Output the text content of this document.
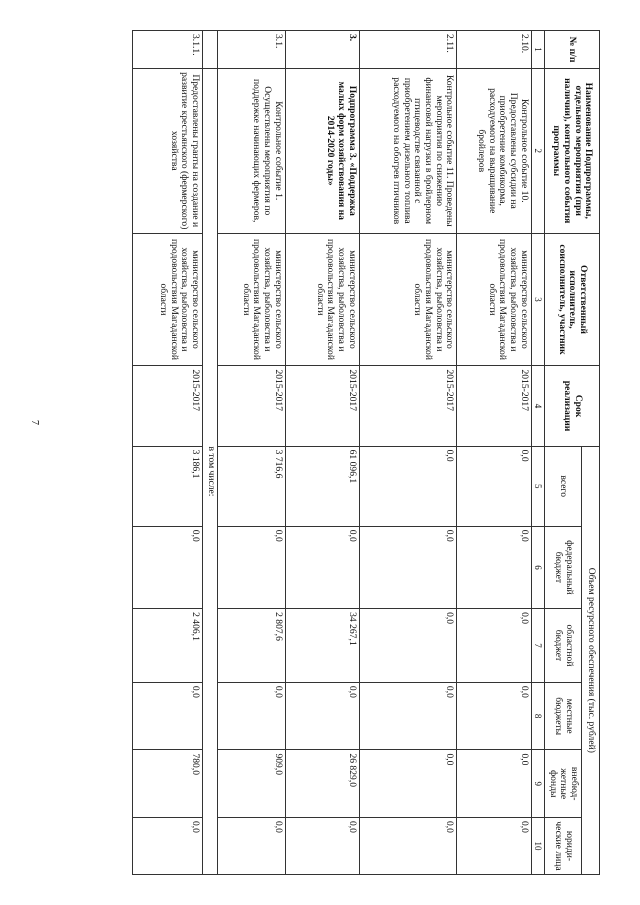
7
№ п/п	Наименование Подпрограммы, отдельного мероприятия (при наличии), контрольного события программы	Ответственный исполнитель, соисполнитель, участник	Срок реализации	Объем ресурсного обеспечения (тыс. рублей)					
				всего	федеральный бюджет	областной бюджет	местные бюджеты	внебюд-жетные фонды	юриди-ческие лица
1	2	3	4	5	6	7	8	9	10
2.10.	Контрольное событие 10. Предоставлены субсидии на приобретение комбикорма, расходуемого на выращивание бройлеров	министерство сельского хозяйства, рыболовства и продовольствия Магаданской области	2015-2017	0,0	0,0	0,0	0,0	0,0	0,0
2.11.	Контрольное событие 11. Проведены мероприятия по снижению финансовой нагрузки в бройлерном птицеводстве связанной с приобретением дизельного топлива расходуемого на обогрев птичников	министерство сельского хозяйства, рыболовства и продовольствия Магаданской области	2015-2017	0,0	0,0	0,0	0,0	0,0	0,0
3.	Подпрограмма 3. «Поддержка малых форм хозяйствования на 2014-2020 годы»	министерство сельского хозяйства, рыболовства и продовольствия Магаданской области	2015-2017	61 096,1	0,0	34 267,1	0,0	26 829,0	0,0
3.1.	Контрольное событие 1. Осуществлены мероприятия по поддержке начинающих фермеров,	министерство сельского хозяйства, рыболовства и продовольствия Магаданской области	2015-2017	3 716,6	0,0	2 807,6	0,0	909,0	0,0
	в том числе:								
3.1.1.	Предоставлены гранты на создание и развитие крестьянского (фермерского) хозяйства	министерство сельского хозяйства, рыболовства и продовольствия Магаданской области	2015-2017	3 186,1	0,0	2 406,1	0,0	780,0	0,0
